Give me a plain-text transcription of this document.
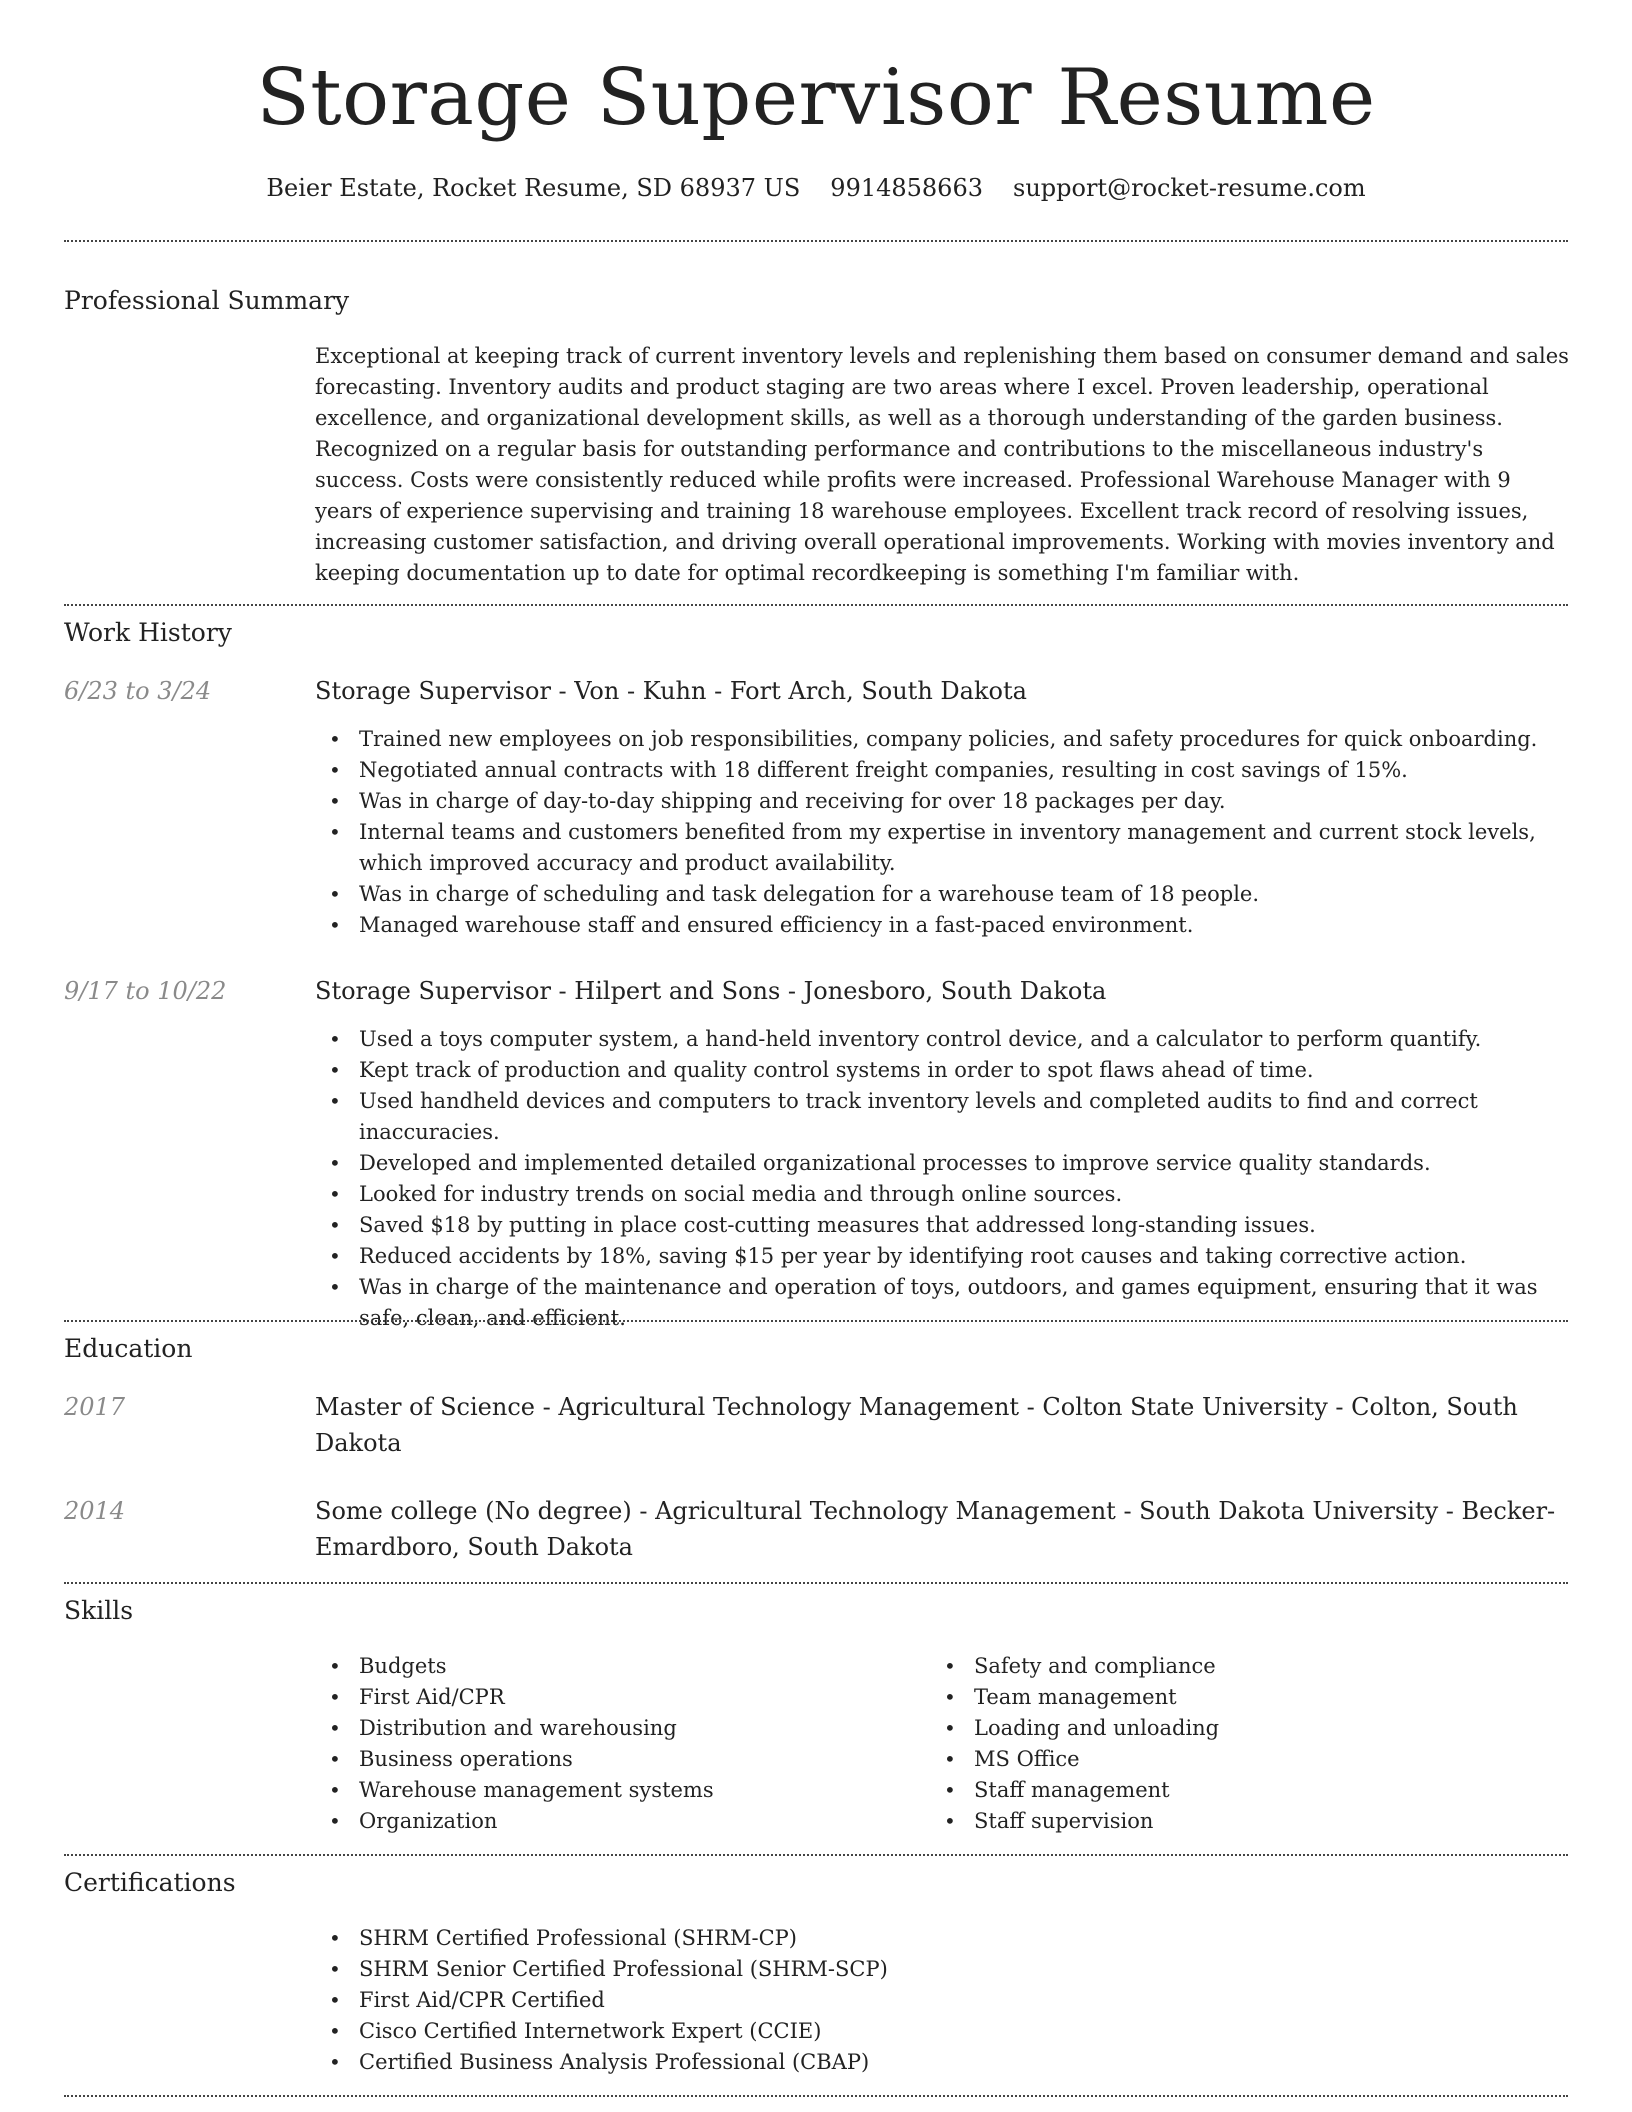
Storage Supervisor Resume
Beier Estate, Rocket Resume, SD 68937 US 9914858663 support@rocket-resume.com
Professional Summary

Exceptional at keeping track of current inventory levels and replenishing them based on consumer demand and sales forecasting. Inventory audits and product staging are two areas where I excel. Proven leadership, operational excellence, and organizational development skills, as well as a thorough understanding of the garden business. Recognized on a regular basis for outstanding performance and contributions to the miscellaneous industry's success. Costs were consistently reduced while profits were increased. Professional Warehouse Manager with 9 years of experience supervising and training 18 warehouse employees. Excellent track record of resolving issues, increasing customer satisfaction, and driving overall operational improvements. Working with movies inventory and keeping documentation up to date for optimal recordkeeping is something I'm familiar with.

Work History
6/23 to 3/24	Storage Supervisor - Von - Kuhn - Fort Arch, South Dakota
• Trained new employees on job responsibilities, company policies, and safety procedures for quick onboarding.
• Negotiated annual contracts with 18 different freight companies, resulting in cost savings of 15%.
• Was in charge of day-to-day shipping and receiving for over 18 packages per day.
• Internal teams and customers benefited from my expertise in inventory management and current stock levels, which improved accuracy and product availability.
• Was in charge of scheduling and task delegation for a warehouse team of 18 people.
• Managed warehouse staff and ensured efficiency in a fast-paced environment.
9/17 to 10/22	Storage Supervisor - Hilpert and Sons - Jonesboro, South Dakota
• Used a toys computer system, a hand-held inventory control device, and a calculator to perform quantify.
• Kept track of production and quality control systems in order to spot flaws ahead of time.
• Used handheld devices and computers to track inventory levels and completed audits to find and correct inaccuracies.
• Developed and implemented detailed organizational processes to improve service quality standards.
• Looked for industry trends on social media and through online sources.
• Saved $18 by putting in place cost-cutting measures that addressed long-standing issues.
• Reduced accidents by 18%, saving $15 per year by identifying root causes and taking corrective action.
• Was in charge of the maintenance and operation of toys, outdoors, and games equipment, ensuring that it was safe, clean, and efficient.
Education
2017	Master of Science - Agricultural Technology Management - Colton State University - Colton, South Dakota
2014	Some college (No degree) - Agricultural Technology Management - South Dakota University - Becker-Emardboro, South Dakota
Skills
• Budgets
• First Aid/CPR
• Distribution and warehousing
• Business operations
• Warehouse management systems
• Organization
• Safety and compliance
• Team management
• Loading and unloading
• MS Office
• Staff management
• Staff supervision
Certifications
• SHRM Certified Professional (SHRM-CP)
• SHRM Senior Certified Professional (SHRM-SCP)
• First Aid/CPR Certified
• Cisco Certified Internetwork Expert (CCIE)
• Certified Business Analysis Professional (CBAP)
